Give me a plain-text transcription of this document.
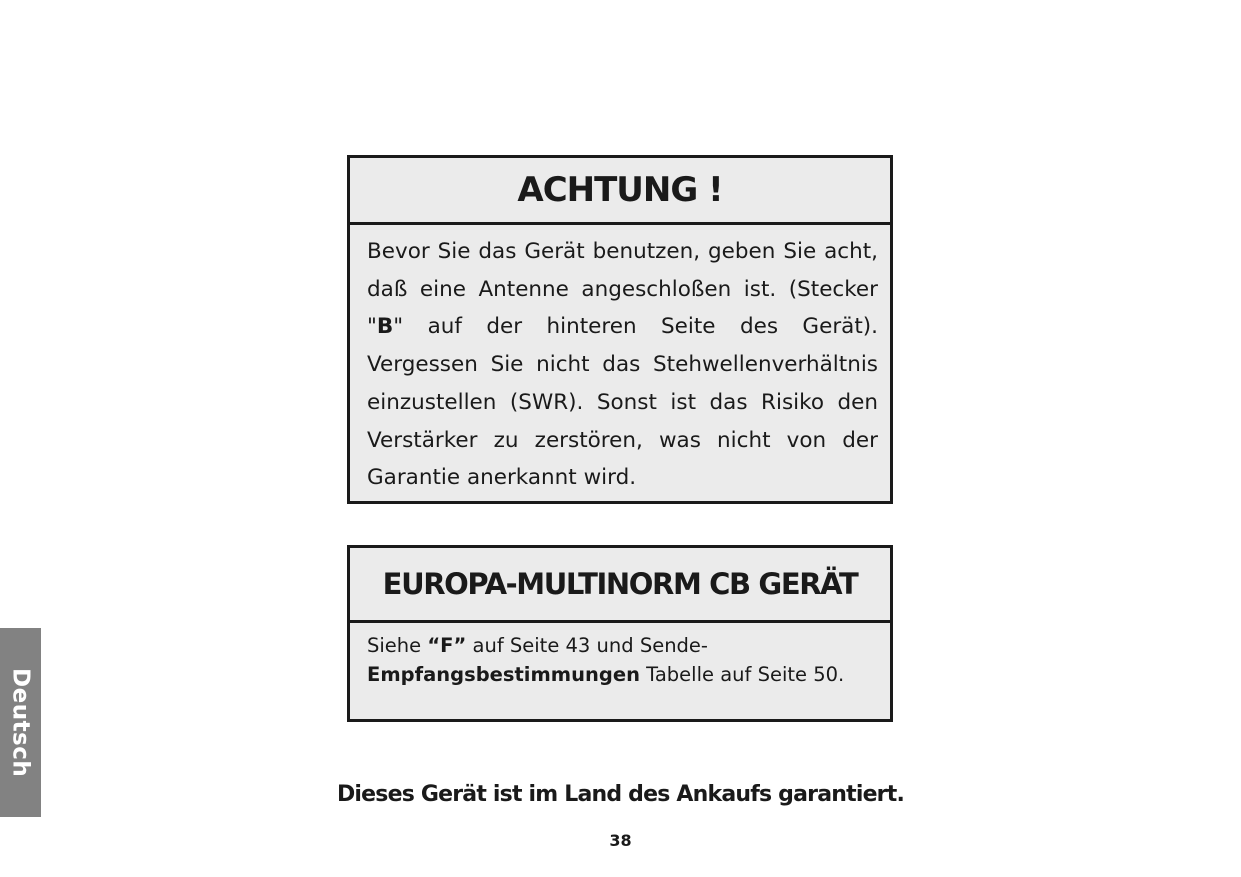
ACHTUNG !
Bevor Sie das Gerät benutzen, geben Sie acht, daß eine Antenne angeschloßen ist. (Stecker "B" auf der hinteren Seite des Gerät). Vergessen Sie nicht das Stehwellenverhältnis einzustellen (SWR). Sonst ist das Risiko den Verstärker zu zerstören, was nicht von der Garantie anerkannt wird.
EUROPA-MULTINORM CB GERÄT
Siehe “F” auf Seite 43 und Sende-Empfangsbestimmungen Tabelle auf Seite 50.
Deutsch
Dieses Gerät ist im Land des Ankaufs garantiert.
38
